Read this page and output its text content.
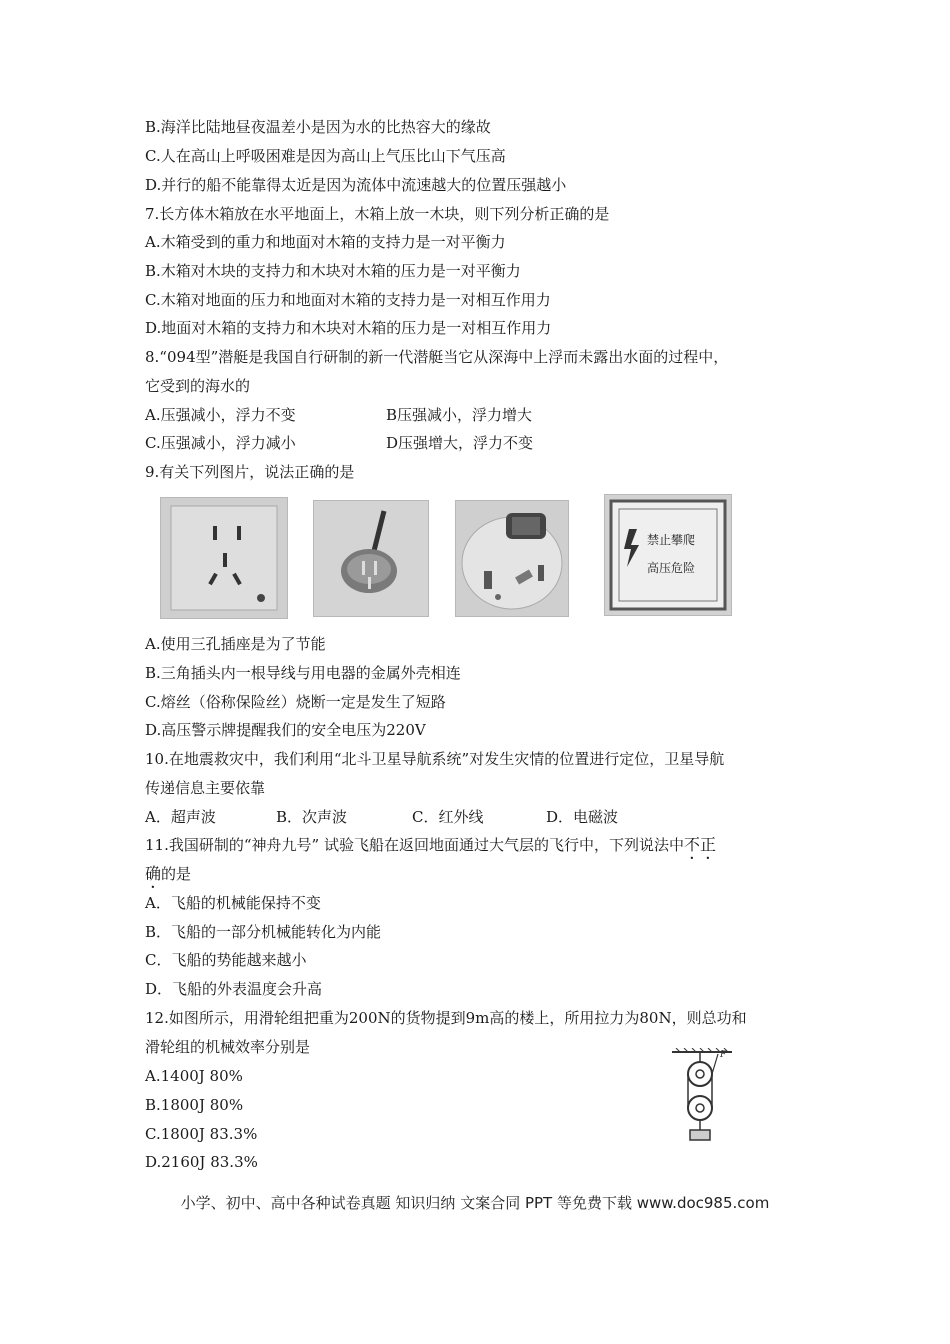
B.海洋比陆地昼夜温差小是因为水的比热容大的缘故
C.人在高山上呼吸困难是因为高山上气压比山下气压高
D.并行的船不能靠得太近是因为流体中流速越大的位置压强越小
7.长方体木箱放在水平地面上，木箱上放一木块，则下列分析正确的是
A.木箱受到的重力和地面对木箱的支持力是一对平衡力
B.木箱对木块的支持力和木块对木箱的压力是一对平衡力
C.木箱对地面的压力和地面对木箱的支持力是一对相互作用力
D.地面对木箱的支持力和木块对木箱的压力是一对相互作用力
8.“094型”潜艇是我国自行研制的新一代潜艇当它从深海中上浮而未露出水面的过程中，
它受到的海水的
A.压强减小，浮力不变	B压强减小，浮力增大
C.压强减小，浮力减小	D压强增大，浮力不变
9.有关下列图片，说法正确的是
禁止攀爬
高压危险
A.使用三孔插座是为了节能
B.三角插头内一根导线与用电器的金属外壳相连
C.熔丝（俗称保险丝）烧断一定是发生了短路
D.高压警示牌提醒我们的安全电压为220V
10.在地震救灾中，我们利用“北斗卫星导航系统”对发生灾情的位置进行定位，卫星导航
传递信息主要依靠
A．超声波	B．次声波	C．红外线	D．电磁波
11.我国研制的“神舟九号” 试验飞船在返回地面通过大气层的飞行中，下列说法中不正
确的是
A．飞船的机械能保持不变
B．飞船的一部分机械能转化为内能
C．飞船的势能越来越小
D．飞船的外表温度会升高
12.如图所示，用滑轮组把重为200N的货物提到9m高的楼上，所用拉力为80N，则总功和
滑轮组的机械效率分别是
A.1400J 80%
B.1800J 80%
C.1800J 83.3%
D.2160J 83.3%
F
小学、初中、高中各种试卷真题 知识归纳 文案合同 PPT 等免费下载 www.doc985.com
